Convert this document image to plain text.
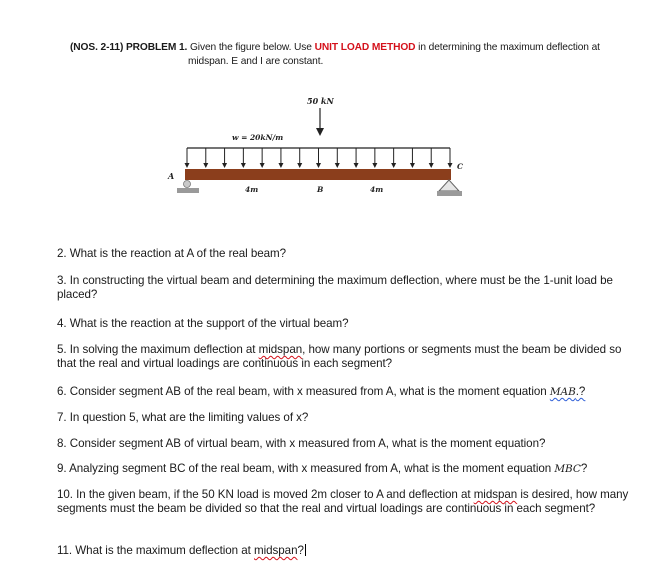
(NOS. 2-11) PROBLEM 1. Given the figure below. Use UNIT LOAD METHOD in determining the maximum deflection at
midspan. E and I are constant.
50 kN
w = 20kN/m
A
B
C
4m	4m
2. What is the reaction at A of the real beam?
3. In constructing the virtual beam and determining the maximum deflection, where must be the 1-unit load be placed?
4. What is the reaction at the support of the virtual beam?
5. In solving the maximum deflection at midspan, how many portions or segments must the beam be divided so that the real and virtual loadings are continuous in each segment?
6. Consider segment AB of the real beam, with x measured from A, what is the moment equation MAB.?
7. In question 5, what are the limiting values of x?
8. Consider segment AB of virtual beam, with x measured from A, what is the moment equation?
9. Analyzing segment BC of the real beam, with x measured from A, what is the moment equation MBC?
10. In the given beam, if the 50 KN load is moved 2m closer to A and deflection at midspan is desired, how many segments must the beam be divided so that the real and virtual loadings are continuous in each segment?
11. What is the maximum deflection at midspan?
